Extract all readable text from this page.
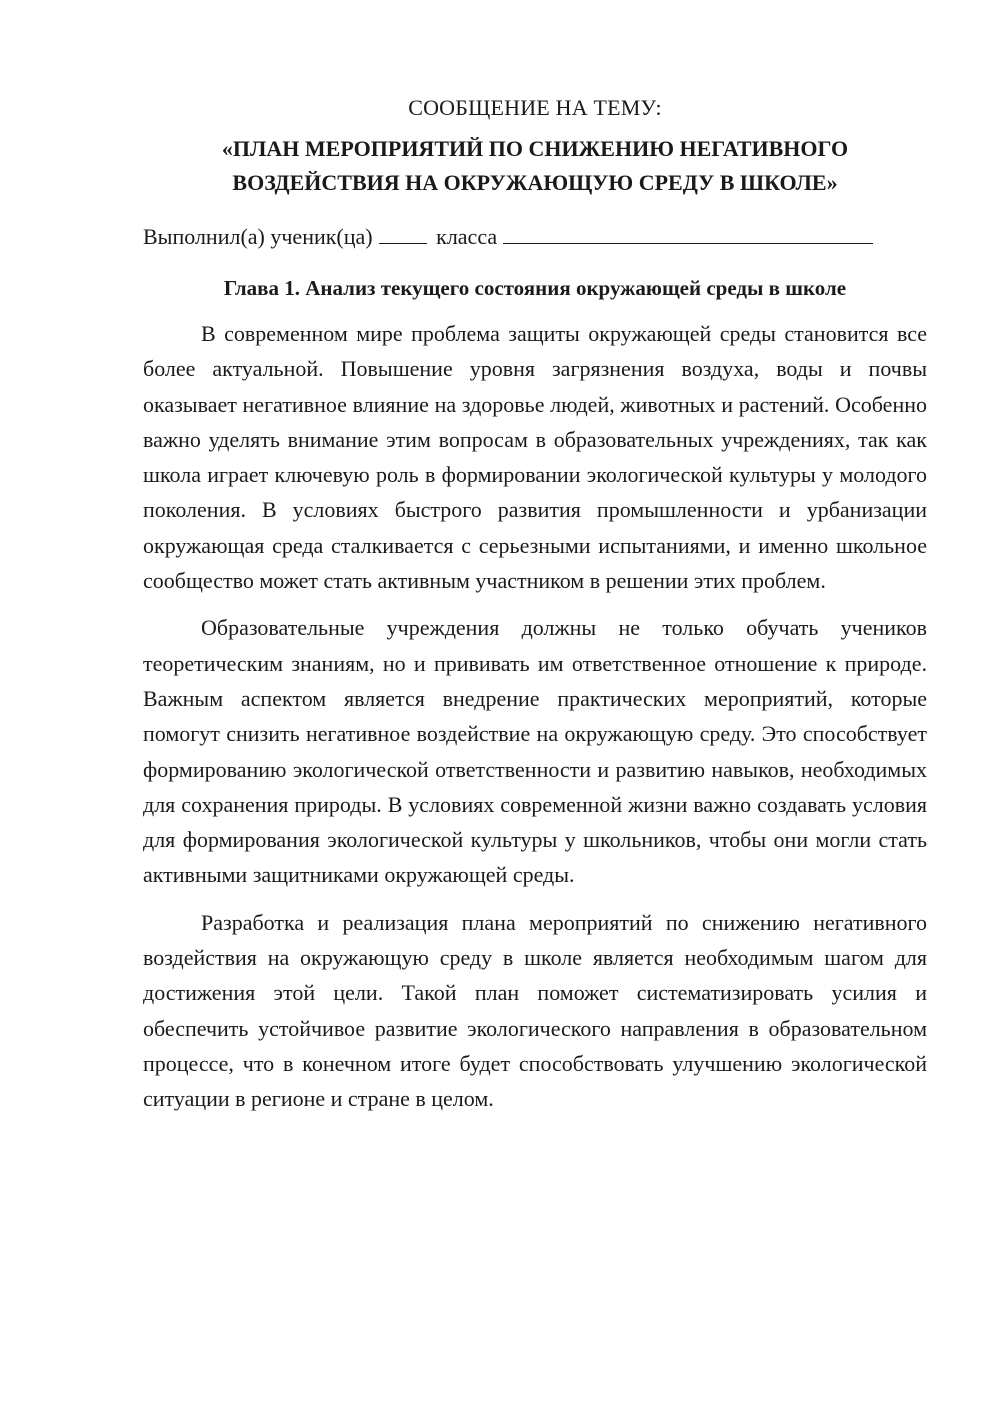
СООБЩЕНИЕ НА ТЕМУ:
«ПЛАН МЕРОПРИЯТИЙ ПО СНИЖЕНИЮ НЕГАТИВНОГО
ВОЗДЕЙСТВИЯ НА ОКРУЖАЮЩУЮ СРЕДУ В ШКОЛЕ»
Выполнил(а) ученик(ца)	класса
Глава 1. Анализ текущего состояния окружающей среды в школе

В современном мире проблема защиты окружающей среды становится все более актуальной. Повышение уровня загрязнения воздуха, воды и почвы оказывает негативное влияние на здоровье людей, животных и растений. Особенно важно уделять внимание этим вопросам в образовательных учреждениях, так как школа играет ключевую роль в формировании экологической культуры у молодого поколения. В условиях быстрого развития промышленности и урбанизации окружающая среда сталкивается с серьезными испытаниями, и именно школьное сообщество может стать активным участником в решении этих проблем.

Образовательные учреждения должны не только обучать учеников теоретическим знаниям, но и прививать им ответственное отношение к природе. Важным аспектом является внедрение практических мероприятий, которые помогут снизить негативное воздействие на окружающую среду. Это способствует формированию экологической ответственности и развитию навыков, необходимых для сохранения природы. В условиях современной жизни важно создавать условия для формирования экологической культуры у школьников, чтобы они могли стать активными защитниками окружающей среды.

Разработка и реализация плана мероприятий по снижению негативного воздействия на окружающую среду в школе является необходимым шагом для достижения этой цели. Такой план поможет систематизировать усилия и обеспечить устойчивое развитие экологического направления в образовательном процессе, что в конечном итоге будет способствовать улучшению экологической ситуации в регионе и стране в целом.
